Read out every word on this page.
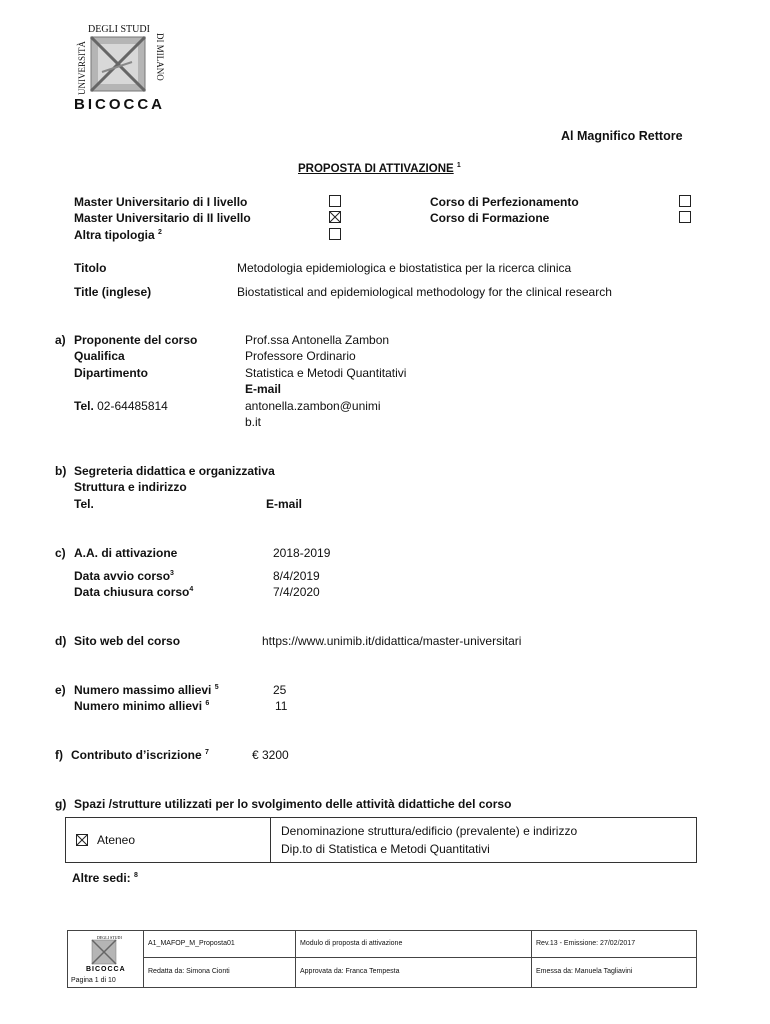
UNIVERSITÀ
DEGLI STUDI
DI MILANO
BICOCCA
Al Magnifico Rettore
PROPOSTA DI ATTIVAZIONE $^1$
Master Universitario di I livello
Master Universitario di II livello
Altra tipologia $^2$
Corso di Perfezionamento
Corso di Formazione
Titolo	Metodologia epidemiologica e biostatistica per la ricerca clinica
Title (inglese)	Biostatistical and epidemiological methodology for the clinical research
a) Proponente del corso	Prof.ssa Antonella Zambon
Qualifica	Professore Ordinario
Dipartimento	Statistica e Metodi Quantitativi
E-mail
Tel. 02-64485814	antonella.zambon@unimi
b.it
b) Segreteria didattica e organizzativa
Struttura e indirizzo
Tel.	E-mail
c) A.A. di attivazione	2018-2019
Data avvio corso$^3$	8/4/2019
Data chiusura corso$^4$	7/4/2020
d) Sito web del corso	https://www.unimib.it/didattica/master-universitari
e) Numero massimo allievi $^5$	25
Numero minimo allievi $^6$	11
f) Contributo d’iscrizione $^7$	€ 3200
g) Spazi /strutture utilizzati per lo svolgimento delle attività didattiche del corso
Ateneo

Denominazione struttura/edificio (prevalente) e indirizzo
Dip.to di Statistica e Metodi Quantitativi
Altre sedi: $^8$
DEGLI STUDI
BICOCCA
Pagina 1 di 10
A1_MAFOP_M_Proposta01	Modulo di proposta di attivazione	Rev.13 - Emissione: 27/02/2017
Redatta da: Simona Cionti	Approvata da: Franca Tempesta	Emessa da: Manuela Tagliavini
